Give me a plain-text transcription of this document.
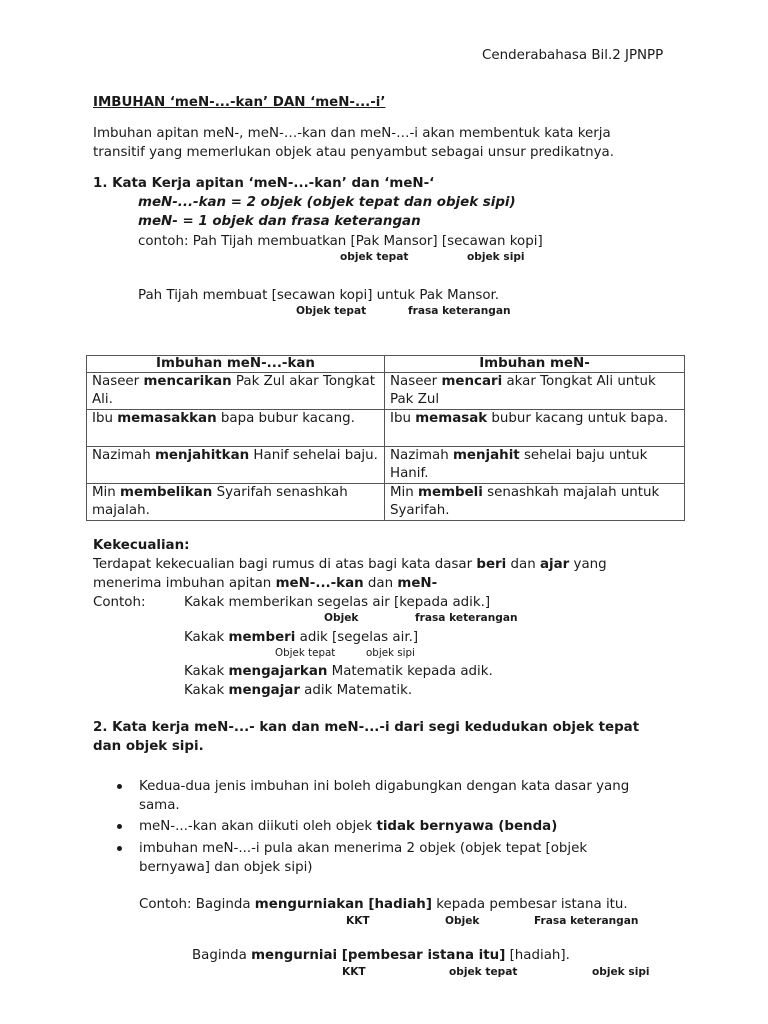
Cenderabahasa Bil.2 JPNPP
IMBUHAN ‘meN-...-kan’ DAN ‘meN-...-i’
Imbuhan apitan meN-, meN-…-kan dan meN-…-i akan membentuk kata kerja
transitif yang memerlukan objek atau penyambut sebagai unsur predikatnya.
1. Kata Kerja apitan ‘meN-...-kan’ dan ‘meN-‘
meN-...-kan = 2 objek (objek tepat dan objek sipi)
meN- = 1 objek dan frasa keterangan
contoh: Pah Tijah membuatkan [Pak Mansor] [secawan kopi]
objek tepat	objek sipi
Pah Tijah membuat [secawan kopi] untuk Pak Mansor.
Objek tepat	frasa keterangan
Imbuhan meN-...-kan	Imbuhan meN-
Naseer mencarikan Pak Zul akar Tongkat Ali.	Naseer mencari akar Tongkat Ali untuk Pak Zul
Ibu memasakkan bapa bubur kacang.	Ibu memasak bubur kacang untuk bapa.
Nazimah menjahitkan Hanif sehelai baju.	Nazimah menjahit sehelai baju untuk Hanif.
Min membelikan Syarifah senashkah majalah.	Min membeli senashkah majalah untuk Syarifah.
Kekecualian:
Terdapat kekecualian bagi rumus di atas bagi kata dasar beri dan ajar yang
menerima imbuhan apitan meN-...-kan dan meN-
Contoh:	Kakak memberikan segelas air [kepada adik.]
Objek	frasa keterangan
Kakak memberi adik [segelas air.]
Objek tepat	objek sipi
Kakak mengajarkan Matematik kepada adik.
Kakak mengajar adik Matematik.
2. Kata kerja meN-...- kan dan meN-...-i dari segi kedudukan objek tepat
dan objek sipi.
Kedua-dua jenis imbuhan ini boleh digabungkan dengan kata dasar yang
sama.
meN-...-kan akan diikuti oleh objek tidak bernyawa (benda)
imbuhan meN-...-i pula akan menerima 2 objek (objek tepat [objek
bernyawa] dan objek sipi)
Contoh: Baginda mengurniakan [hadiah] kepada pembesar istana itu.
KKT	Objek	Frasa keterangan
Baginda mengurniai [pembesar istana itu] [hadiah].
KKT	objek tepat	objek sipi
